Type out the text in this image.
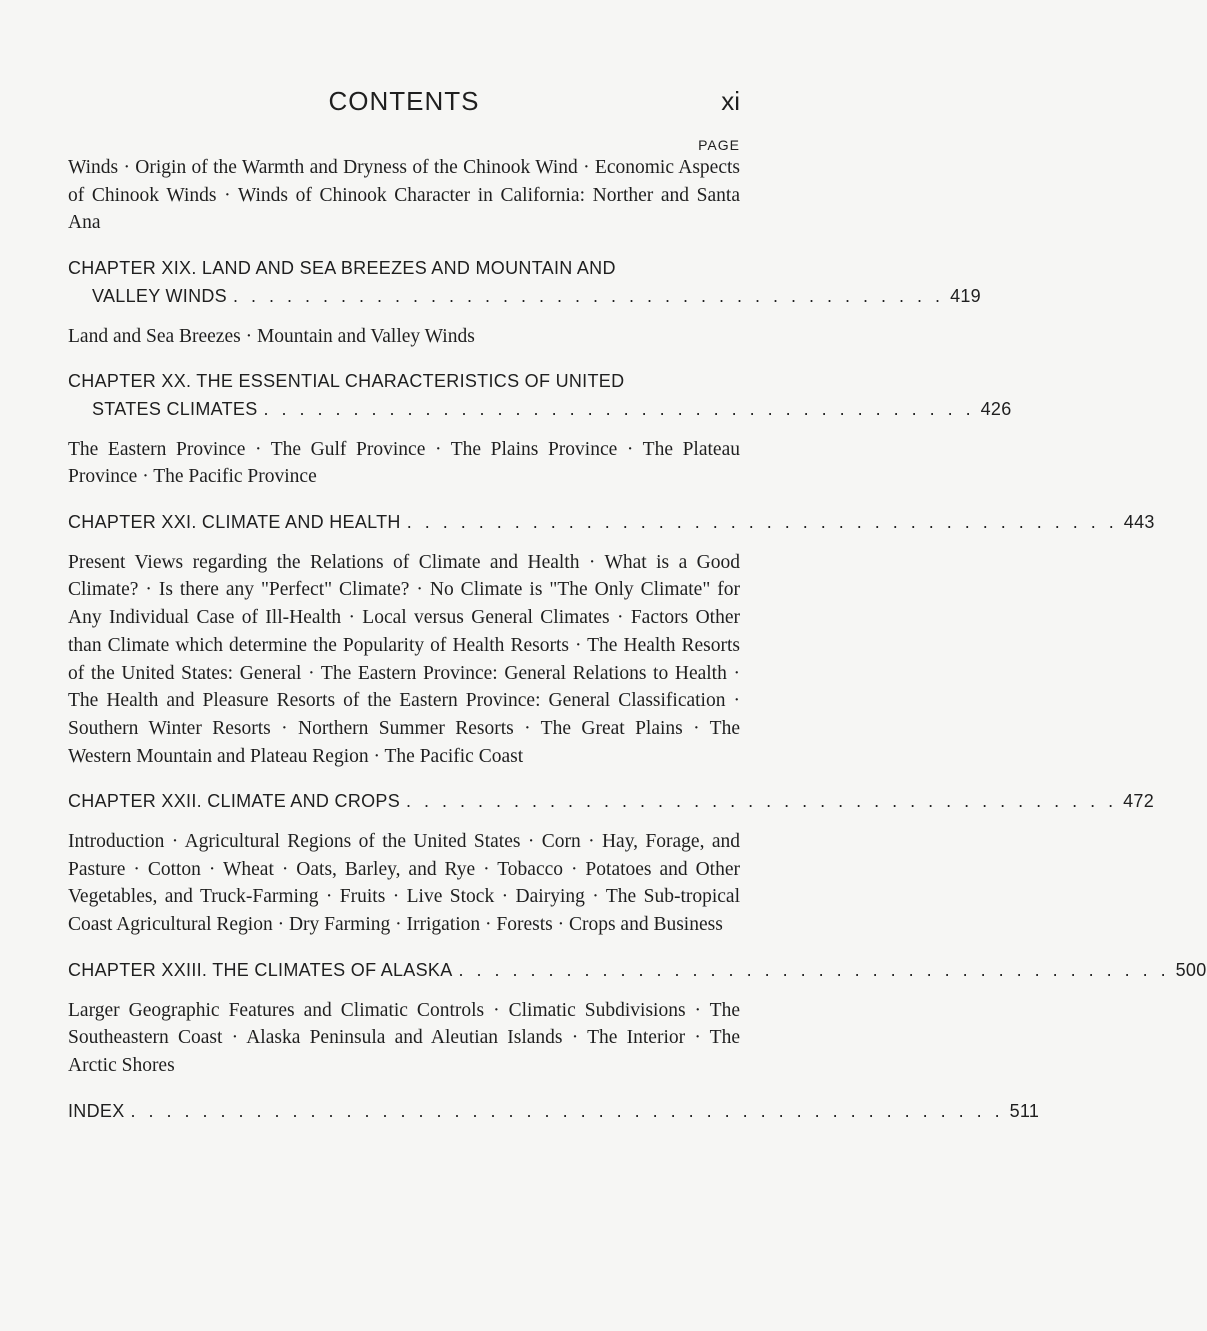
CONTENTS	xi
PAGE

Winds · Origin of the Warmth and Dryness of the Chinook Wind · Economic Aspects of Chinook Winds · Winds of Chinook Character in California: Norther and Santa Ana

CHAPTER XIX. LAND AND SEA BREEZES AND MOUNTAIN AND
VALLEY WINDS . . . . . . . . . . . . . . . . . . . . . . . . . . . . . . . . . . . . . . . . 419

Land and Sea Breezes · Mountain and Valley Winds

CHAPTER XX. THE ESSENTIAL CHARACTERISTICS OF UNITED
STATES CLIMATES . . . . . . . . . . . . . . . . . . . . . . . . . . . . . . . . . . . . . . . . 426

The Eastern Province · The Gulf Province · The Plains Province · The Plateau Province · The Pacific Province

CHAPTER XXI. CLIMATE AND HEALTH . . . . . . . . . . . . . . . . . . . . . . . . . . . . . . . . . . . . . . . . 443

Present Views regarding the Relations of Climate and Health · What is a Good Climate? · Is there any "Perfect" Climate? · No Climate is "The Only Climate" for Any Individual Case of Ill-Health · Local versus General Climates · Factors Other than Climate which determine the Popularity of Health Resorts · The Health Resorts of the United States: General · The Eastern Province: General Relations to Health · The Health and Pleasure Resorts of the Eastern Province: General Classification · Southern Winter Resorts · Northern Summer Resorts · The Great Plains · The Western Mountain and Plateau Region · The Pacific Coast

CHAPTER XXII. CLIMATE AND CROPS . . . . . . . . . . . . . . . . . . . . . . . . . . . . . . . . . . . . . . . . 472

Introduction · Agricultural Regions of the United States · Corn · Hay, Forage, and Pasture · Cotton · Wheat · Oats, Barley, and Rye · Tobacco · Potatoes and Other Vegetables, and Truck-Farming · Fruits · Live Stock · Dairying · The Sub-tropical Coast Agricultural Region · Dry Farming · Irrigation · Forests · Crops and Business

CHAPTER XXIII. THE CLIMATES OF ALASKA . . . . . . . . . . . . . . . . . . . . . . . . . . . . . . . . . . . . . . . . 500

Larger Geographic Features and Climatic Controls · Climatic Subdivisions · The Southeastern Coast · Alaska Peninsula and Aleutian Islands · The Interior · The Arctic Shores

INDEX . . . . . . . . . . . . . . . . . . . . . . . . . . . . . . . . . . . . . . . . . . . . . . . . . 511
